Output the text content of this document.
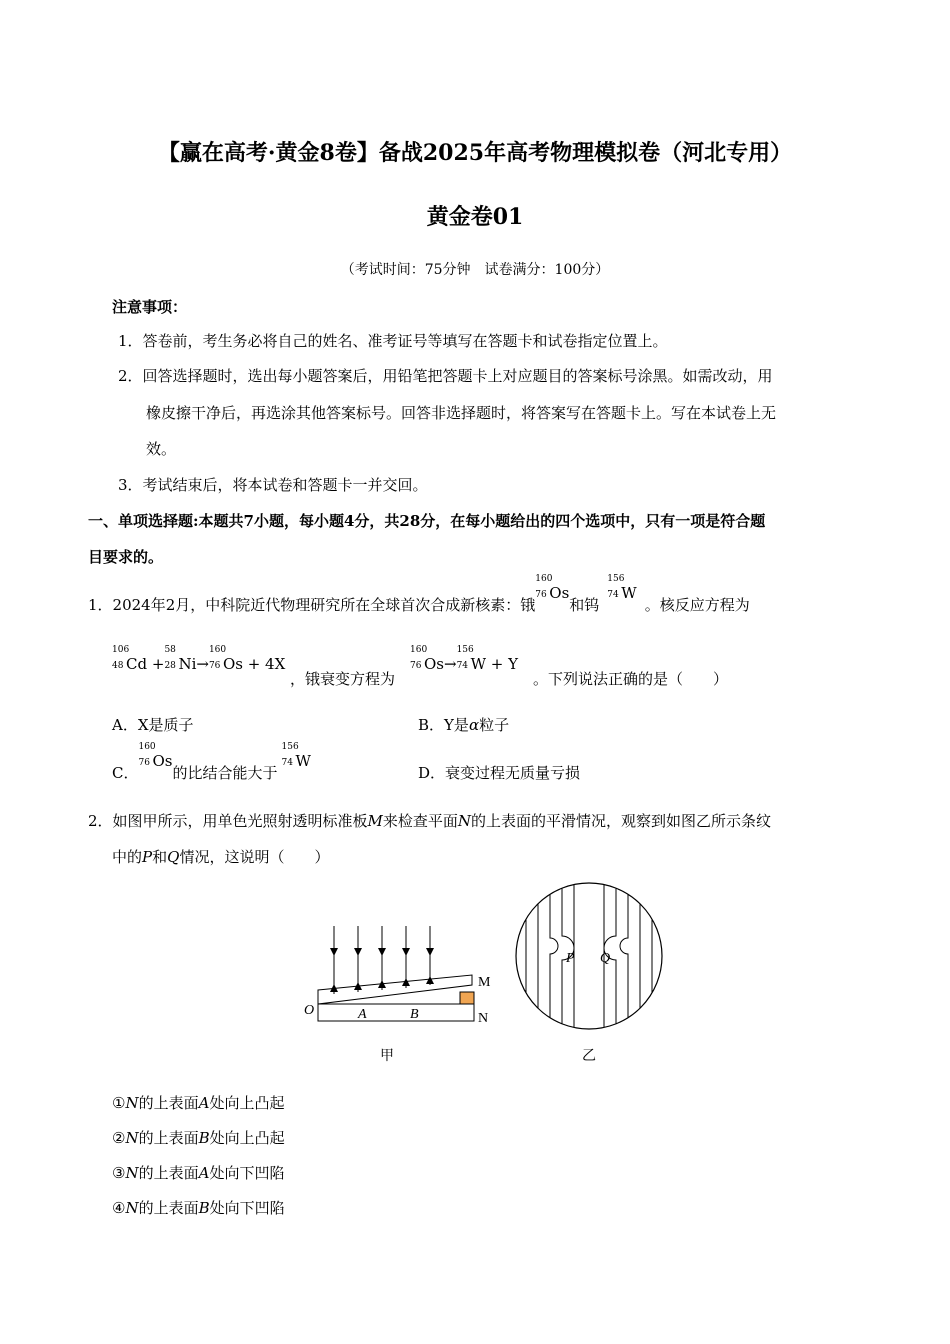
【赢在高考·黄金8卷】备战2025年高考物理模拟卷（河北专用）
黄金卷01
（考试时间：75分钟　试卷满分：100分）
注意事项：
1．答卷前，考生务必将自己的姓名、准考证号等填写在答题卡和试卷指定位置上。
2．回答选择题时，选出每小题答案后，用铅笔把答题卡上对应题目的答案标号涂黑。如需改动，用
橡皮擦干净后，再选涂其他答案标号。回答非选择题时，将答案写在答题卡上。写在本试卷上无
效。
3．考试结束后，将本试卷和答题卡一并交回。
一、单项选择题:本题共7小题，每小题4分，共28分，在每小题给出的四个选项中，只有一项是符合题
目要求的。
1．2024年2月，中科院近代物理研究所在全球首次合成新核素：锇
160
76 Os和钨
156
74 W。核反应方程为
106
48 Cd +
58
28 Ni→
160
76 Os + 4X
，锇衰变方程为
160
76 Os→
156
74 W + Y
。下列说法正确的是（　　）
A．X是质子	B．Y是α粒子
C．
160
76 Os的比结合能大于
156
74 W
D．衰变过程无质量亏损
2．如图甲所示，用单色光照射透明标准板M来检查平面N的上表面的平滑情况，观察到如图乙所示条纹
中的P和Q情况，这说明（　　）
O	A	B
M
N
甲
P Q
乙
①N的上表面A处向上凸起
②N的上表面B处向上凸起
③N的上表面A处向下凹陷
④N的上表面B处向下凹陷
